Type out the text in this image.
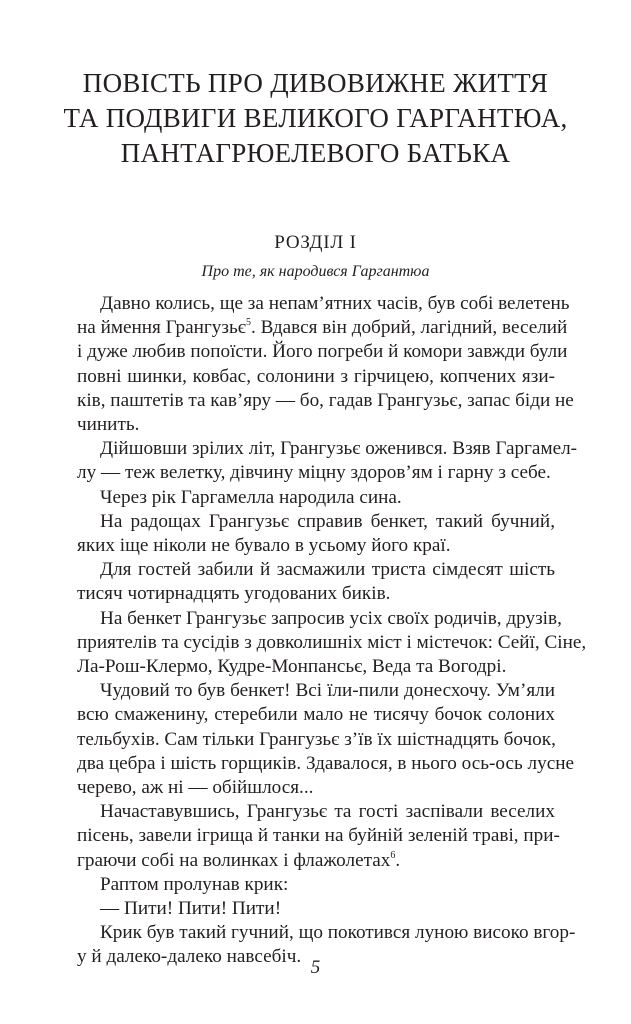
ПОВІСТЬ ПРО ДИВОВИЖНЕ ЖИТТЯ
ТА ПОДВИГИ ВЕЛИКОГО ГАРГАНТЮА,
ПАНТАГРЮЕЛЕВОГО БАТЬКА
РОЗДІЛ I
Про те, як народився Гаргантюа
Давно колись, ще за непам’ятних часів, був собі велетень
на ймення Грангузьє$^5$. Вдався він добрий, лагідний, веселий
і дуже любив попоїсти. Його погреби й комори завжди були
повні шинки, ковбас, солонини з гірчицею, копчених язи-
ків, паштетів та кав’яру — бо, гадав Грангузьє, запас біди не
чинить.
Дійшовши зрілих літ, Грангузьє оженився. Взяв Гаргамел-
лу — теж велетку, дівчину міцну здоров’ям і гарну з себе.
Через рік Гаргамелла народила сина.
На радощах Грангузьє справив бенкет, такий бучний,
яких іще ніколи не бувало в усьому його краї.
Для гостей забили й засмажили триста сімдесят шість
тисяч чотирнадцять угодованих биків.
На бенкет Грангузьє запросив усіх своїх родичів, друзів,
приятелів та сусідів з довколишніх міст і містечок: Сейї, Сіне,
Ла-Рош-Клермо, Кудре-Монпансьє, Веда та Вогодрі.
Чудовий то був бенкет! Всі їли-пили донесхочу. Ум’яли
всю смаженину, стеребили мало не тисячу бочок солоних
тельбухів. Сам тільки Грангузьє з’їв їх шістнадцять бочок,
два цебра і шість горщиків. Здавалося, в нього ось-ось лусне
черево, аж ні — обійшлося...
Начаставувшись, Грангузьє та гості заспівали веселих
пісень, завели ігрища й танки на буйній зеленій траві, при-
граючи собі на волинках і флажолетах$^6$.
Раптом пролунав крик:
— Пити! Пити! Пити!
Крик був такий гучний, що покотився луною високо вгор-
у й далеко-далеко навсебіч.
5
